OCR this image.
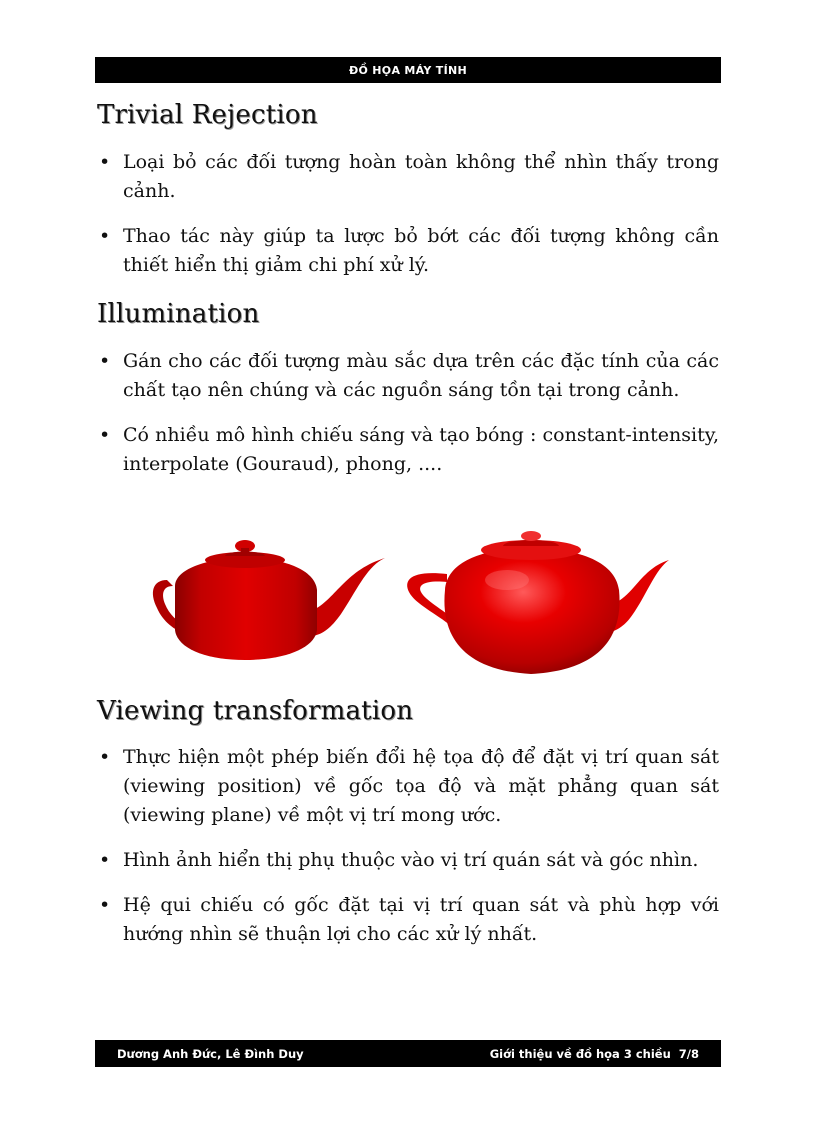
ĐỒ HỌA MÁY TÍNH
Trivial Rejection
• Loại bỏ các đối tượng hoàn toàn không thể nhìn thấy trong cảnh.
• Thao tác này giúp ta lược bỏ bớt các đối tượng không cần thiết hiển thị giảm chi phí xử lý.
Illumination
• Gán cho các đối tượng màu sắc dựa trên các đặc tính của các chất tạo nên chúng và các nguồn sáng tồn tại trong cảnh.
• Có nhiều mô hình chiếu sáng và tạo bóng : constant-intensity, interpolate (Gouraud), phong, ....
Viewing transformation
• Thực hiện một phép biến đổi hệ tọa độ để đặt vị trí quan sát (viewing position) về gốc tọa độ và mặt phẳng quan sát (viewing plane) về một vị trí mong ước.
• Hình ảnh hiển thị phụ thuộc vào vị trí quán sát và góc nhìn.
• Hệ qui chiếu có gốc đặt tại vị trí quan sát và phù hợp với hướng nhìn sẽ thuận lợi cho các xử lý nhất.
Dương Anh Đức, Lê Đình Duy	Giới thiệu về đồ họa 3 chiều 7/8
